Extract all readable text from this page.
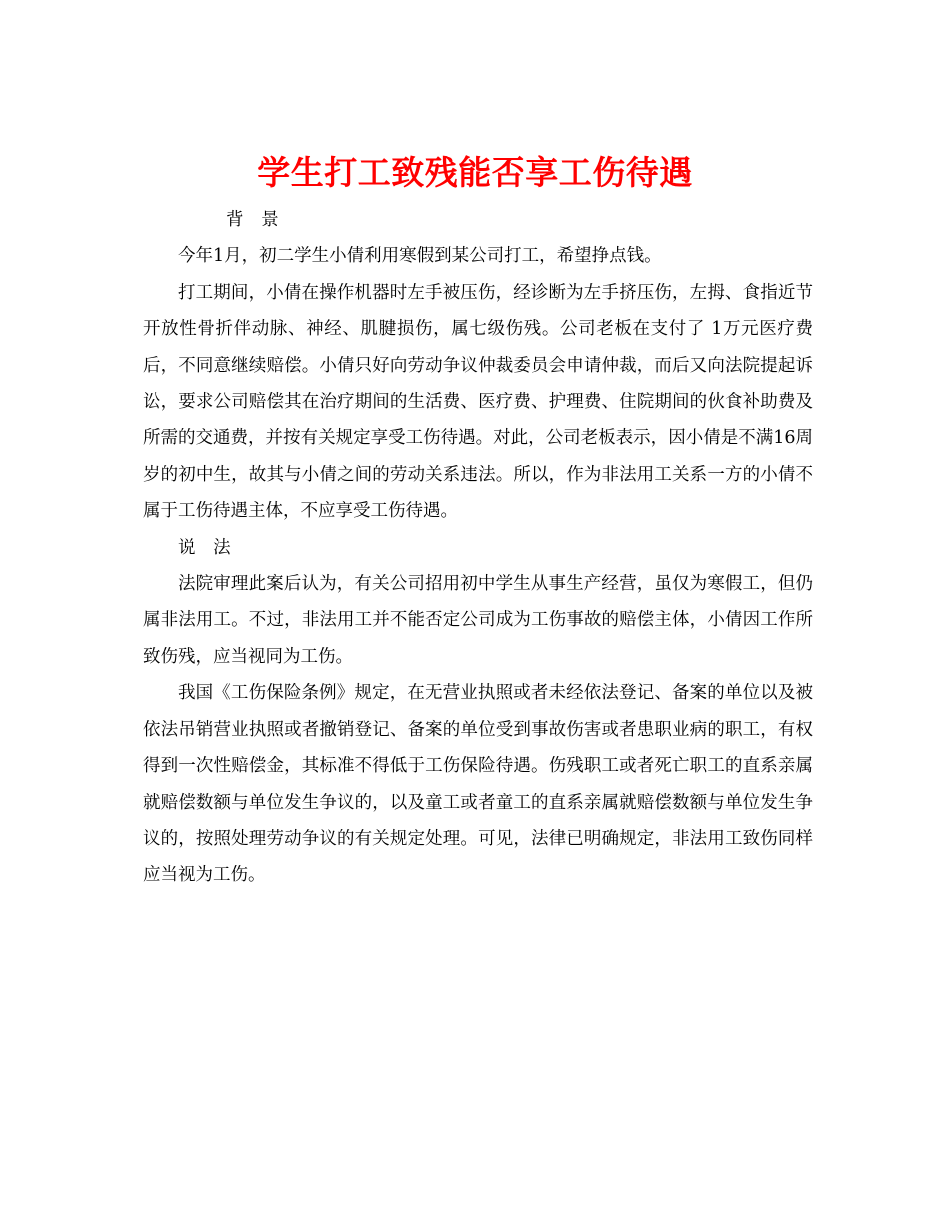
学生打工致残能否享工伤待遇

背 景

今年1月，初二学生小倩利用寒假到某公司打工，希望挣点钱。

打工期间，小倩在操作机器时左手被压伤，经诊断为左手挤压伤，左拇、食指近节开放性骨折伴动脉、神经、肌腱损伤，属七级伤残。公司老板在支付了 1万元医疗费后，不同意继续赔偿。小倩只好向劳动争议仲裁委员会申请仲裁，而后又向法院提起诉讼，要求公司赔偿其在治疗期间的生活费、医疗费、护理费、住院期间的伙食补助费及所需的交通费，并按有关规定享受工伤待遇。对此，公司老板表示，因小倩是不满16周岁的初中生，故其与小倩之间的劳动关系违法。所以，作为非法用工关系一方的小倩不属于工伤待遇主体，不应享受工伤待遇。

说 法

法院审理此案后认为，有关公司招用初中学生从事生产经营，虽仅为寒假工，但仍属非法用工。不过，非法用工并不能否定公司成为工伤事故的赔偿主体，小倩因工作所致伤残，应当视同为工伤。

我国《工伤保险条例》规定，在无营业执照或者未经依法登记、备案的单位以及被依法吊销营业执照或者撤销登记、备案的单位受到事故伤害或者患职业病的职工，有权得到一次性赔偿金，其标准不得低于工伤保险待遇。伤残职工或者死亡职工的直系亲属就赔偿数额与单位发生争议的，以及童工或者童工的直系亲属就赔偿数额与单位发生争议的，按照处理劳动争议的有关规定处理。可见，法律已明确规定，非法用工致伤同样应当视为工伤。
